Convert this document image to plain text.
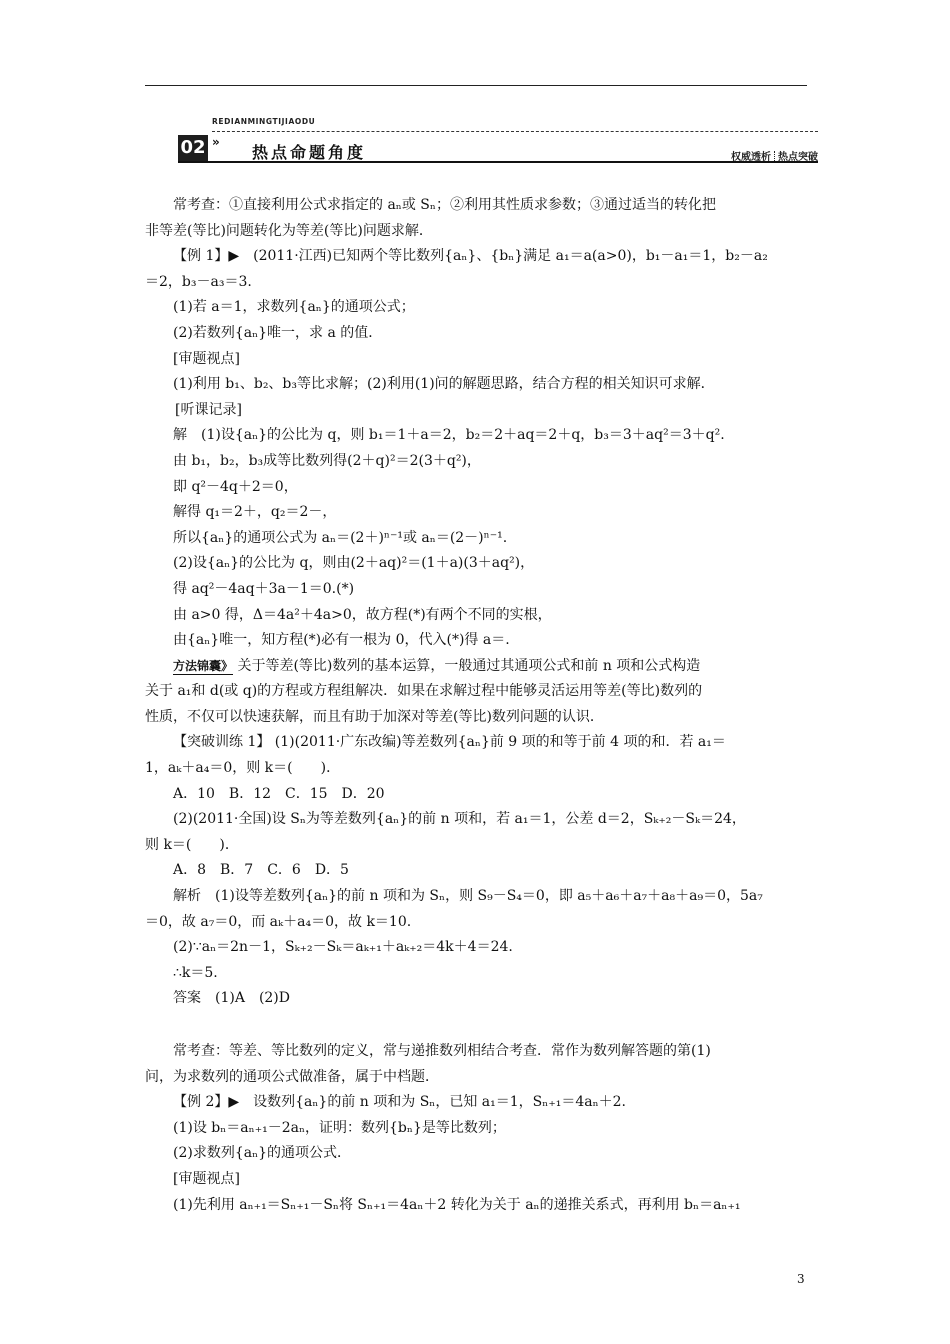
REDIANMINGTIJIAODU
02 »
热点命题角度	权威透析 热点突破
常考查：①直接利用公式求指定的 aₙ或 Sₙ；②利用其性质求参数；③通过适当的转化把
非等差(等比)问题转化为等差(等比)问题求解．
【例 1】▶　(2011·江西)已知两个等比数列{aₙ}、{bₙ}满足 a₁＝a(a>0)，b₁－a₁＝1，b₂－a₂
＝2，b₃－a₃＝3.
(1)若 a＝1，求数列{aₙ}的通项公式；
(2)若数列{aₙ}唯一，求 a 的值．
[审题视点]
(1)利用 b₁、b₂、b₃等比求解；(2)利用(1)问的解题思路，结合方程的相关知识可求解．
[听课记录]
解　(1)设{aₙ}的公比为 q，则 b₁＝1＋a＝2，b₂＝2＋aq＝2＋q，b₃＝3＋aq²＝3＋q².
由 b₁，b₂，b₃成等比数列得(2＋q)²＝2(3＋q²)，
即 q²－4q＋2＝0，
解得 q₁＝2＋，q₂＝2－，
所以{aₙ}的通项公式为 aₙ＝(2＋)ⁿ⁻¹或 aₙ＝(2－)ⁿ⁻¹.
(2)设{aₙ}的公比为 q，则由(2＋aq)²＝(1＋a)(3＋aq²)，
得 aq²－4aq＋3a－1＝0.(*)
由 a>0 得，Δ＝4a²＋4a>0，故方程(*)有两个不同的实根，
由{aₙ}唯一，知方程(*)必有一根为 0，代入(*)得 a＝.
方法锦囊》 关于等差(等比)数列的基本运算，一般通过其通项公式和前 n 项和公式构造
关于 a₁和 d(或 q)的方程或方程组解决．如果在求解过程中能够灵活运用等差(等比)数列的
性质，不仅可以快速获解，而且有助于加深对等差(等比)数列问题的认识．
【突破训练 1】 (1)(2011·广东改编)等差数列{aₙ}前 9 项的和等于前 4 项的和．若 a₁＝
1，aₖ＋a₄＝0，则 k＝(　　)．
A．10　B．12　C．15　D．20
(2)(2011·全国)设 Sₙ为等差数列{aₙ}的前 n 项和，若 a₁＝1，公差 d＝2，Sₖ₊₂－Sₖ＝24，
则 k＝(　　)．
A．8　B．7　C．6　D．5
解析　(1)设等差数列{aₙ}的前 n 项和为 Sₙ，则 S₉－S₄＝0，即 a₅＋a₆＋a₇＋a₈＋a₉＝0，5a₇
＝0，故 a₇＝0，而 aₖ＋a₄＝0，故 k＝10.
(2)∵aₙ＝2n－1，Sₖ₊₂－Sₖ＝aₖ₊₁＋aₖ₊₂＝4k＋4＝24.
∴k＝5.
答案　(1)A　(2)D
常考查：等差、等比数列的定义，常与递推数列相结合考查．常作为数列解答题的第(1)
问，为求数列的通项公式做准备，属于中档题．
【例 2】▶　设数列{aₙ}的前 n 项和为 Sₙ，已知 a₁＝1，Sₙ₊₁＝4aₙ＋2.
(1)设 bₙ＝aₙ₊₁－2aₙ，证明：数列{bₙ}是等比数列；
(2)求数列{aₙ}的通项公式．
[审题视点]
(1)先利用 aₙ₊₁＝Sₙ₊₁－Sₙ将 Sₙ₊₁＝4aₙ＋2 转化为关于 aₙ的递推关系式，再利用 bₙ＝aₙ₊₁
3
